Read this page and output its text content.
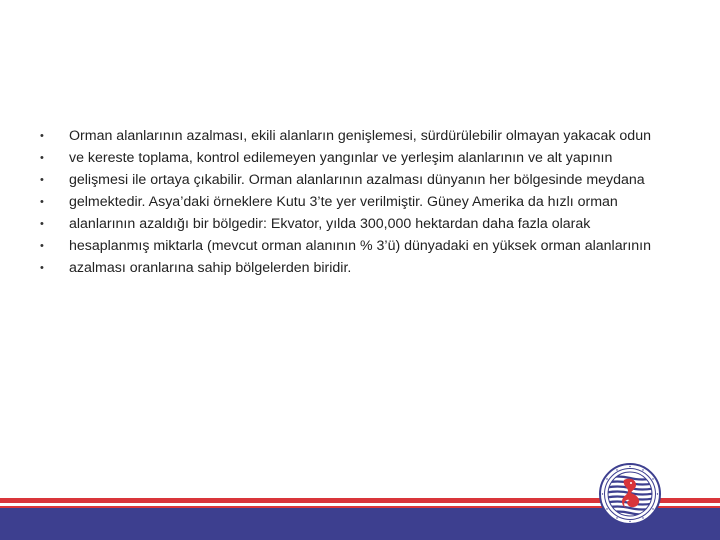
• Orman alanlarının azalması, ekili alanların genişlemesi, sürdürülebilir olmayan yakacak odun
• ve kereste toplama, kontrol edilemeyen yangınlar ve yerleşim alanlarının ve alt yapının
• gelişmesi ile ortaya çıkabilir. Orman alanlarının azalması dünyanın her bölgesinde meydana
• gelmektedir. Asya’daki örneklere Kutu 3’te yer verilmiştir. Güney Amerika da hızlı orman
• alanlarının azaldığı bir bölgedir: Ekvator, yılda 300,000 hektardan daha fazla olarak
• hesaplanmış miktarla (mevcut orman alanının % 3’ü) dünyadaki en yüksek orman alanlarının
• azalması oranlarına sahip bölgelerden biridir.
